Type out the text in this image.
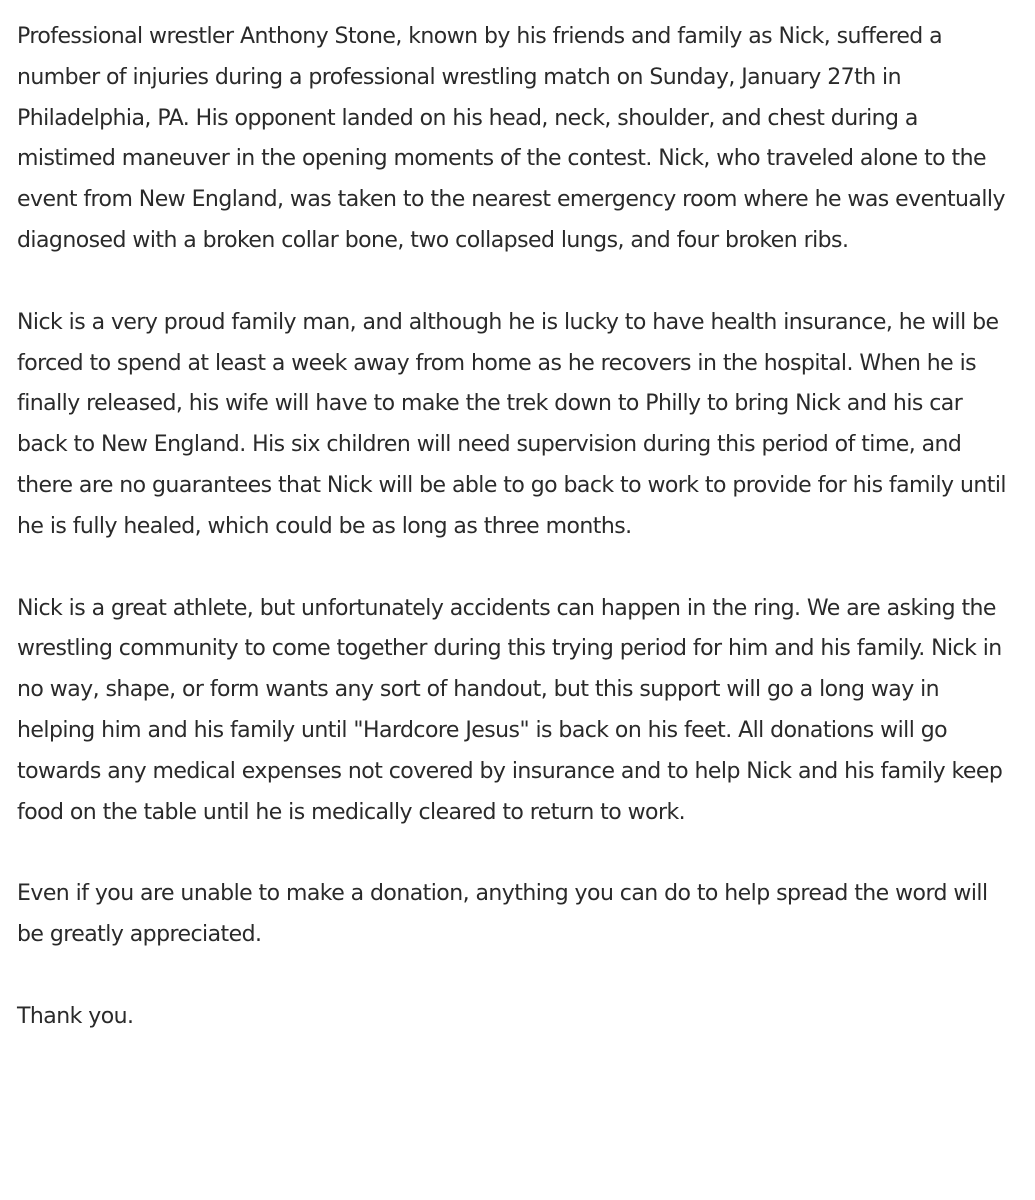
Professional wrestler Anthony Stone, known by his friends and family as Nick, suffered a number of injuries during a professional wrestling match on Sunday, January 27th in Philadelphia, PA. His opponent landed on his head, neck, shoulder, and chest during a mistimed maneuver in the opening moments of the contest. Nick, who traveled alone to the event from New England, was taken to the nearest emergency room where he was eventually diagnosed with a broken collar bone, two collapsed lungs, and four broken ribs.

Nick is a very proud family man, and although he is lucky to have health insurance, he will be forced to spend at least a week away from home as he recovers in the hospital. When he is finally released, his wife will have to make the trek down to Philly to bring Nick and his car back to New England. His six children will need supervision during this period of time, and there are no guarantees that Nick will be able to go back to work to provide for his family until he is fully healed, which could be as long as three months.

Nick is a great athlete, but unfortunately accidents can happen in the ring. We are asking the wrestling community to come together during this trying period for him and his family. Nick in no way, shape, or form wants any sort of handout, but this support will go a long way in helping him and his family until "Hardcore Jesus" is back on his feet. All donations will go towards any medical expenses not covered by insurance and to help Nick and his family keep food on the table until he is medically cleared to return to work.

Even if you are unable to make a donation, anything you can do to help spread the word will be greatly appreciated.

Thank you.
